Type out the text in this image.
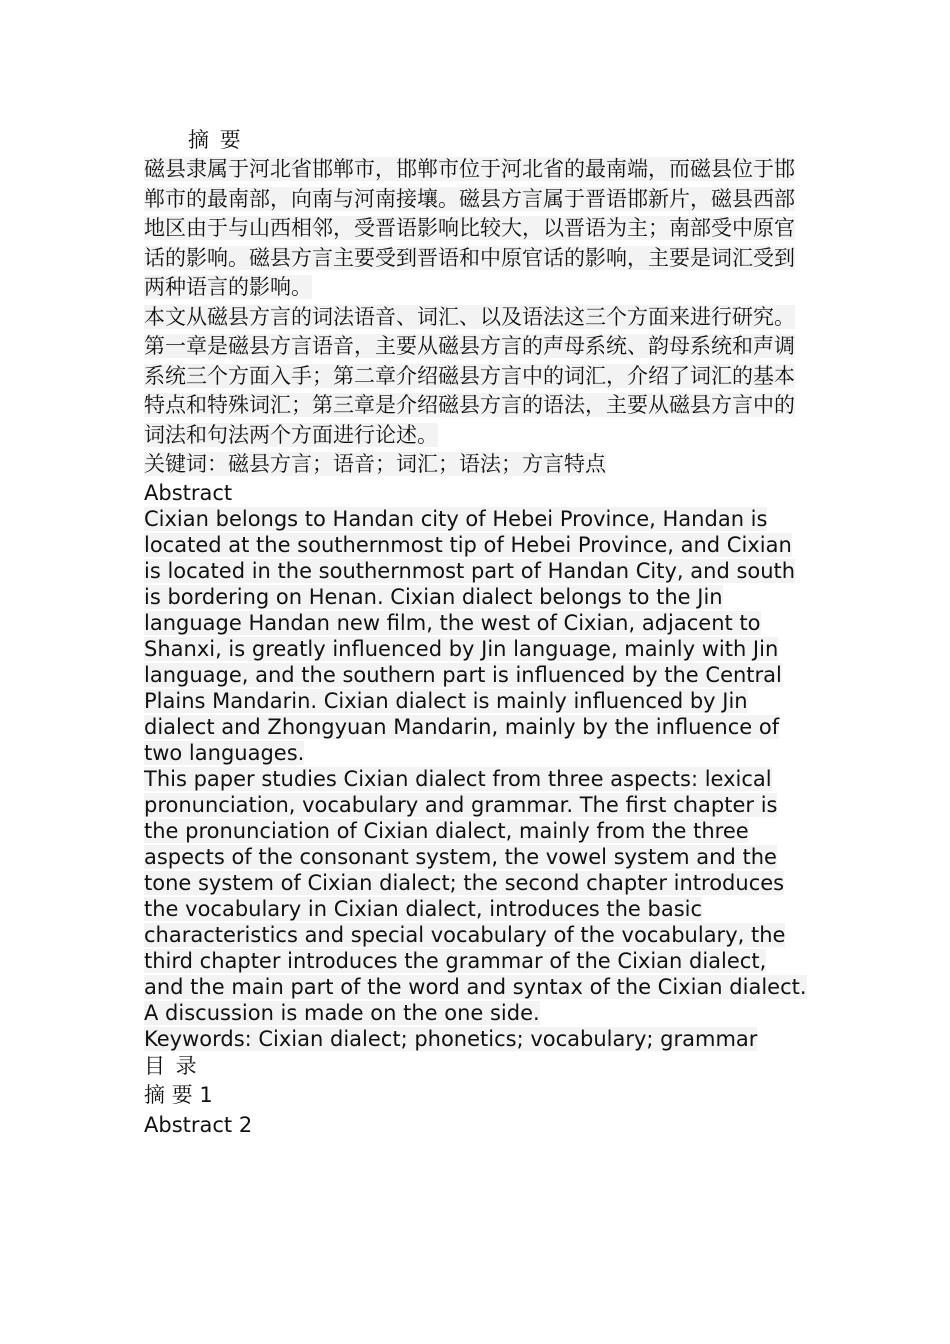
摘 要

磁县隶属于河北省邯郸市，邯郸市位于河北省的最南端，而磁县位于邯郸市的最南部，向南与河南接壤。磁县方言属于晋语邯新片，磁县西部地区由于与山西相邻，受晋语影响比较大，以晋语为主；南部受中原官话的影响。磁县方言主要受到晋语和中原官话的影响，主要是词汇受到两种语言的影响。

本文从磁县方言的词法语音、词汇、以及语法这三个方面来进行研究。第一章是磁县方言语音，主要从磁县方言的声母系统、韵母系统和声调系统三个方面入手；第二章介绍磁县方言中的词汇，介绍了词汇的基本特点和特殊词汇；第三章是介绍磁县方言的语法，主要从磁县方言中的词法和句法两个方面进行论述。

关键词：磁县方言；语音；词汇；语法；方言特点

Abstract

Cixian belongs to Handan city of Hebei Province, Handan is located at the southernmost tip of Hebei Province, and Cixian is located in the southernmost part of Handan City, and south is bordering on Henan. Cixian dialect belongs to the Jin language Handan new film, the west of Cixian, adjacent to Shanxi, is greatly influenced by Jin language, mainly with Jin language, and the southern part is influenced by the Central Plains Mandarin. Cixian dialect is mainly influenced by Jin dialect and Zhongyuan Mandarin, mainly by the influence of two languages.

This paper studies Cixian dialect from three aspects: lexical pronunciation, vocabulary and grammar. The first chapter is the pronunciation of Cixian dialect, mainly from the three aspects of the consonant system, the vowel system and the tone system of Cixian dialect; the second chapter introduces the vocabulary in Cixian dialect, introduces the basic characteristics and special vocabulary of the vocabulary, the third chapter introduces the grammar of the Cixian dialect, and the main part of the word and syntax of the Cixian dialect. A discussion is made on the one side.

Keywords: Cixian dialect; phonetics; vocabulary; grammar

目 录
摘 要 1
Abstract 2
